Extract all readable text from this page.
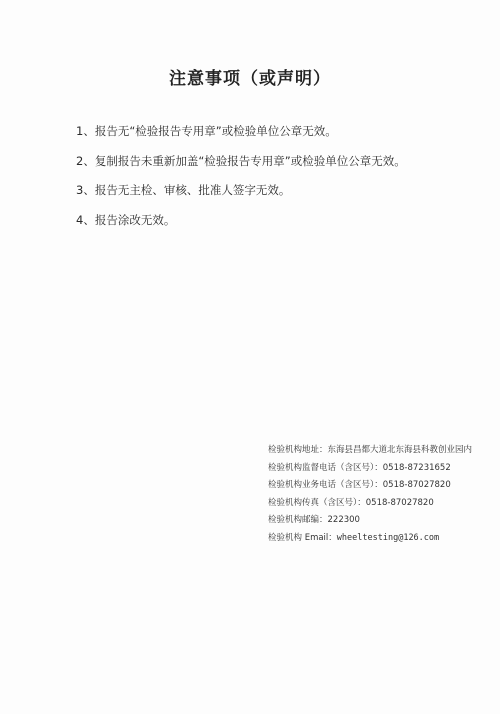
注意事项（或声明）
1、报告无“检验报告专用章”或检验单位公章无效。
2、复制报告未重新加盖“检验报告专用章”或检验单位公章无效。
3、报告无主检、审核、批准人签字无效。
4、报告涂改无效。
检验机构地址：东海县昌都大道北东海县科教创业园内
检验机构监督电话（含区号）：0518-87231652
检验机构业务电话（含区号）：0518-87027820
检验机构传真（含区号）：0518-87027820
检验机构邮编：222300
检验机构 Email：wheeltesting@126.com
